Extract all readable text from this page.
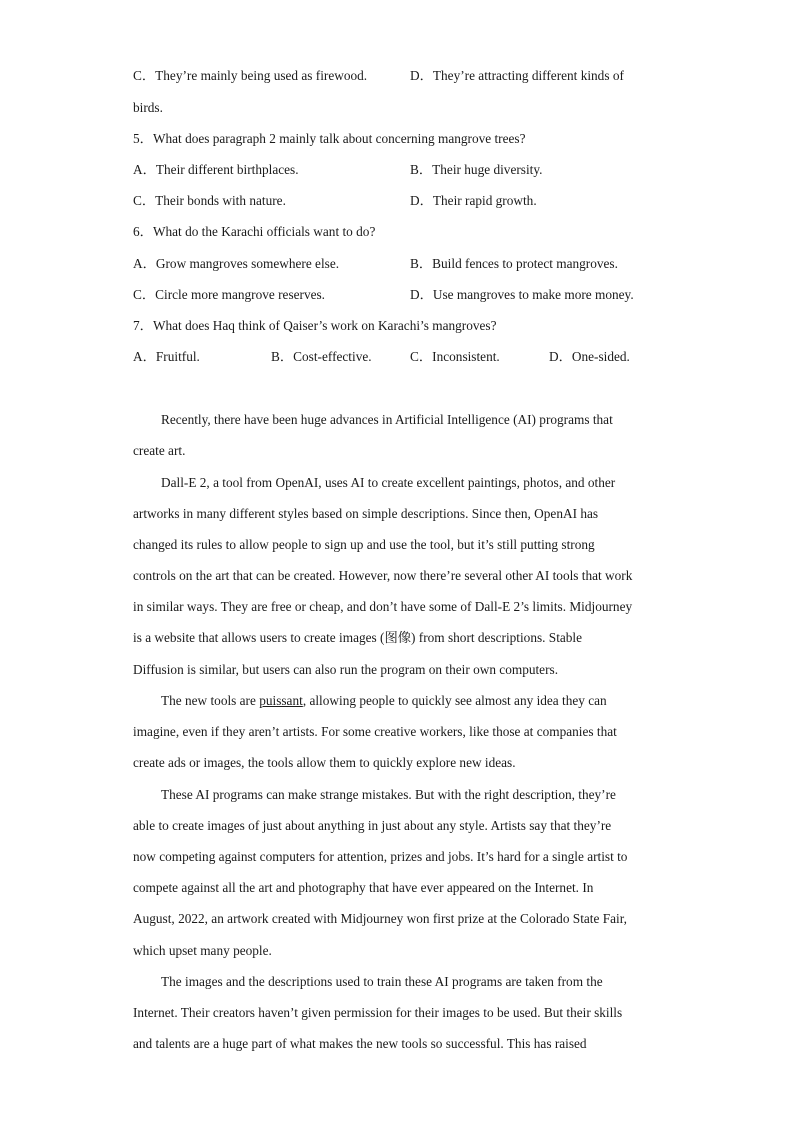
C．They’re mainly being used as firewood.	D．They’re attracting different kinds of
birds.
5．What does paragraph 2 mainly talk about concerning mangrove trees?
A．Their different birthplaces.	B．Their huge diversity.
C．Their bonds with nature.	D．Their rapid growth.
6．What do the Karachi officials want to do?
A．Grow mangroves somewhere else.	B．Build fences to protect mangroves.
C．Circle more mangrove reserves.	D．Use mangroves to make more money.
7．What does Haq think of Qaiser’s work on Karachi’s mangroves?
A．Fruitful.	B．Cost-effective.	C．Inconsistent.	D．One-sided.
Recently, there have been huge advances in Artificial Intelligence (AI) programs that
create art.
Dall-E 2, a tool from OpenAI, uses AI to create excellent paintings, photos, and other
artworks in many different styles based on simple descriptions. Since then, OpenAI has
changed its rules to allow people to sign up and use the tool, but it’s still putting strong
controls on the art that can be created. However, now there’re several other AI tools that work
in similar ways. They are free or cheap, and don’t have some of Dall-E 2’s limits. Midjourney
is a website that allows users to create images (图像) from short descriptions. Stable
Diffusion is similar, but users can also run the program on their own computers.
The new tools are puissant, allowing people to quickly see almost any idea they can
imagine, even if they aren’t artists. For some creative workers, like those at companies that
create ads or images, the tools allow them to quickly explore new ideas.
These AI programs can make strange mistakes. But with the right description, they’re
able to create images of just about anything in just about any style. Artists say that they’re
now competing against computers for attention, prizes and jobs. It’s hard for a single artist to
compete against all the art and photography that have ever appeared on the Internet. In
August, 2022, an artwork created with Midjourney won first prize at the Colorado State Fair,
which upset many people.
The images and the descriptions used to train these AI programs are taken from the
Internet. Their creators haven’t given permission for their images to be used. But their skills
and talents are a huge part of what makes the new tools so successful. This has raised
